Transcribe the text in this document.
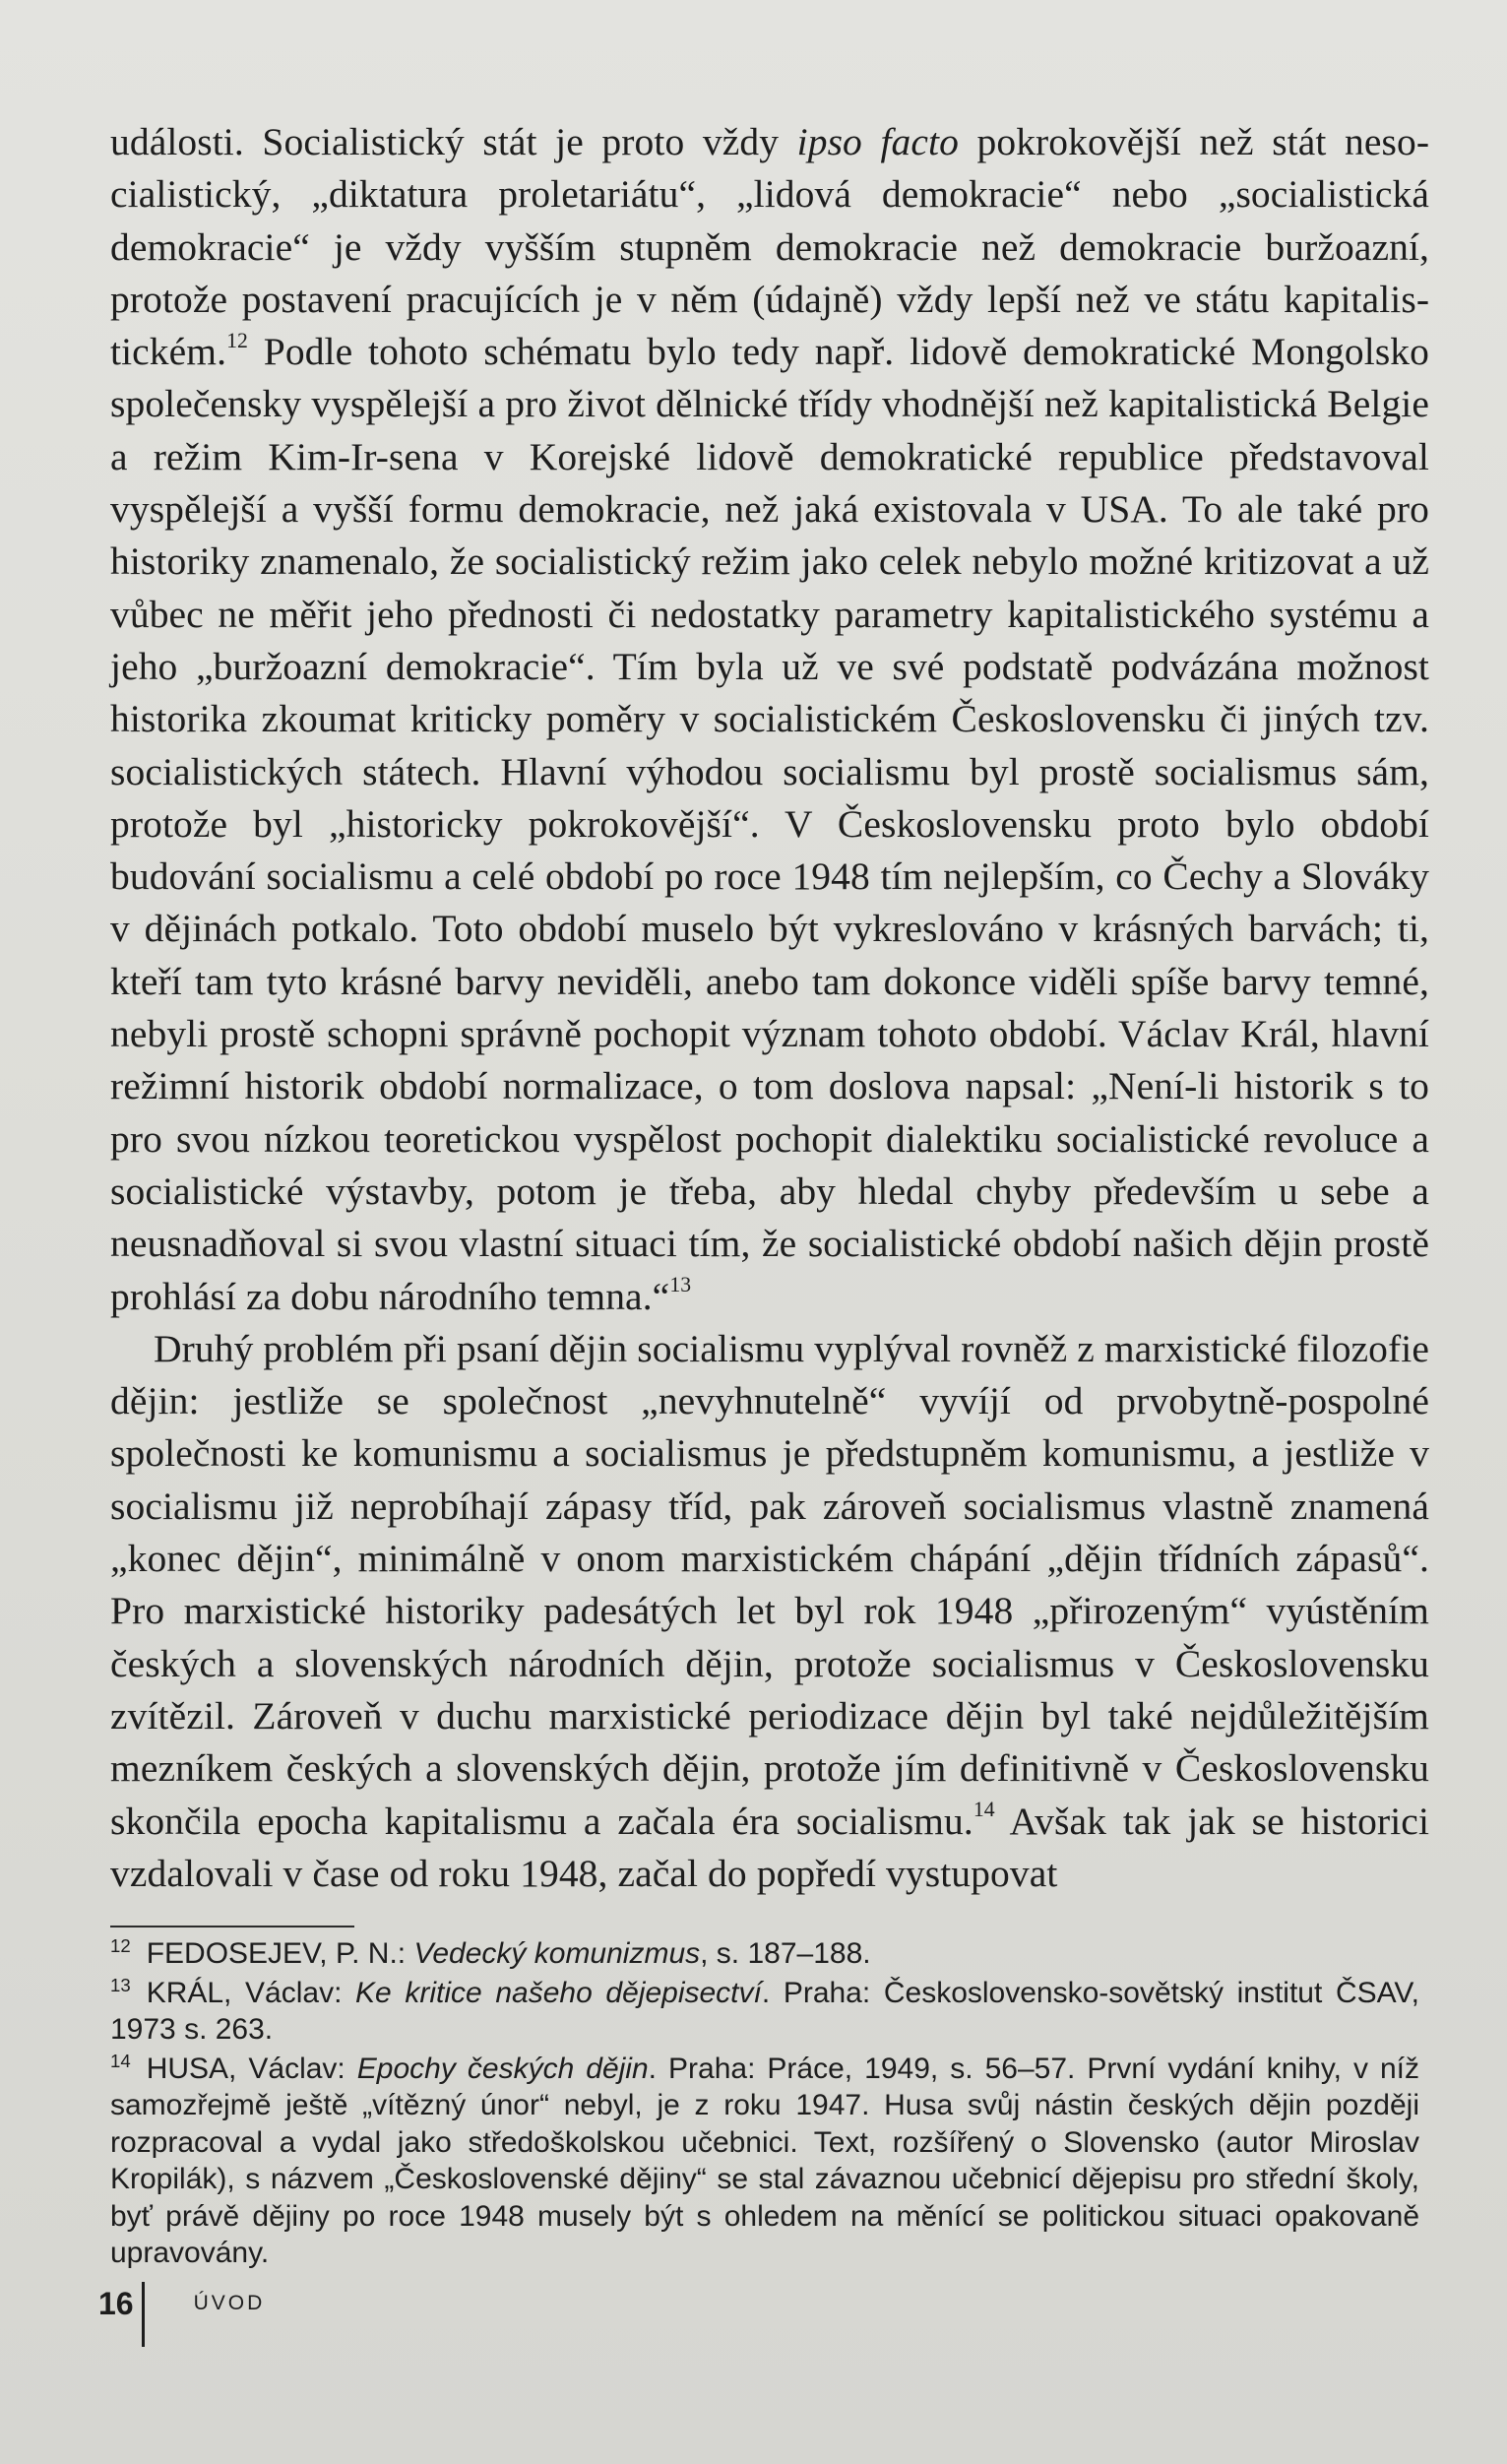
události. Socialistický stát je proto vždy ipso facto pokrokovější než stát nesocialistický, „diktatura proletariátu“, „lidová demokracie“ nebo „socialistická demokracie“ je vždy vyšším stupněm demokracie než demokracie buržoazní, protože postavení pracujících je v něm (údajně) vždy lepší než ve státu kapitalistickém.$^{12}$ Podle tohoto schématu bylo tedy např. lidově demokratické Mongolsko společensky vyspělejší a pro život dělnické třídy vhodnější než kapitalistická Belgie a režim Kim-Ir-sena v Korejské lidově demokratické republice představoval vyspělejší a vyšší formu demokracie, než jaká existovala v USA. To ale také pro historiky znamenalo, že socialistický režim jako celek nebylo možné kritizovat a už vůbec ne měřit jeho přednosti či nedostatky parametry kapitalistického systému a jeho „buržoazní demokracie“. Tím byla už ve své podstatě podvázána možnost historika zkoumat kriticky poměry v socialistickém Československu či jiných tzv. socialistických státech. Hlavní výhodou socialismu byl prostě socialismus sám, protože byl „historicky pokrokovější“. V Československu proto bylo období budování socialismu a celé období po roce 1948 tím nejlepším, co Čechy a Slováky v dějinách potkalo. Toto období muselo být vykreslováno v krásných barvách; ti, kteří tam tyto krásné barvy neviděli, anebo tam dokonce viděli spíše barvy temné, nebyli prostě schopni správně pochopit význam tohoto období. Václav Král, hlavní režimní historik období normalizace, o tom doslova napsal: „Není-li historik s to pro svou nízkou teoretickou vyspělost pochopit dialektiku socialistické revoluce a socialistické výstavby, potom je třeba, aby hledal chyby především u sebe a neusnadňoval si svou vlastní situaci tím, že socialistické období našich dějin prostě prohlásí za dobu národního temna.“$^{13}$

Druhý problém při psaní dějin socialismu vyplýval rovněž z marxistické filozofie dějin: jestliže se společnost „nevyhnutelně“ vyvíjí od prvobytně-pospolné společnosti ke komunismu a socialismus je předstupněm komunismu, a jestliže v socialismu již neprobíhají zápasy tříd, pak zároveň socialismus vlastně znamená „konec dějin“, minimálně v onom marxistickém chápání „dějin třídních zápasů“. Pro marxistické historiky padesátých let byl rok 1948 „přirozeným“ vyústěním českých a slovenských národních dějin, protože socialismus v Československu zvítězil. Zároveň v duchu marxistické periodizace dějin byl také nejdůležitějším mezníkem českých a slovenských dějin, protože jím definitivně v Československu skončila epocha kapitalismu a začala éra socialismu.$^{14}$ Avšak tak jak se historici vzdalovali v čase od roku 1948, začal do popředí vystupovat

$^{12}$ FEDOSEJEV, P. N.: Vedecký komunizmus, s. 187–188.

$^{13}$ KRÁL, Václav: Ke kritice našeho dějepisectví. Praha: Československo-sovětský institut ČSAV, 1973 s. 263.

$^{14}$ HUSA, Václav: Epochy českých dějin. Praha: Práce, 1949, s. 56–57. První vydání knihy, v níž samozřejmě ještě „vítězný únor“ nebyl, je z roku 1947. Husa svůj nástin českých dějin později rozpracoval a vydal jako středoškolskou učebnici. Text, rozšířený o Slovensko (autor Miroslav Kropilák), s názvem „Československé dějiny“ se stal závaznou učebnicí dějepisu pro střední školy, byť právě dějiny po roce 1948 musely být s ohledem na měnící se politickou situaci opakovaně upravovány.

16	ÚVOD
